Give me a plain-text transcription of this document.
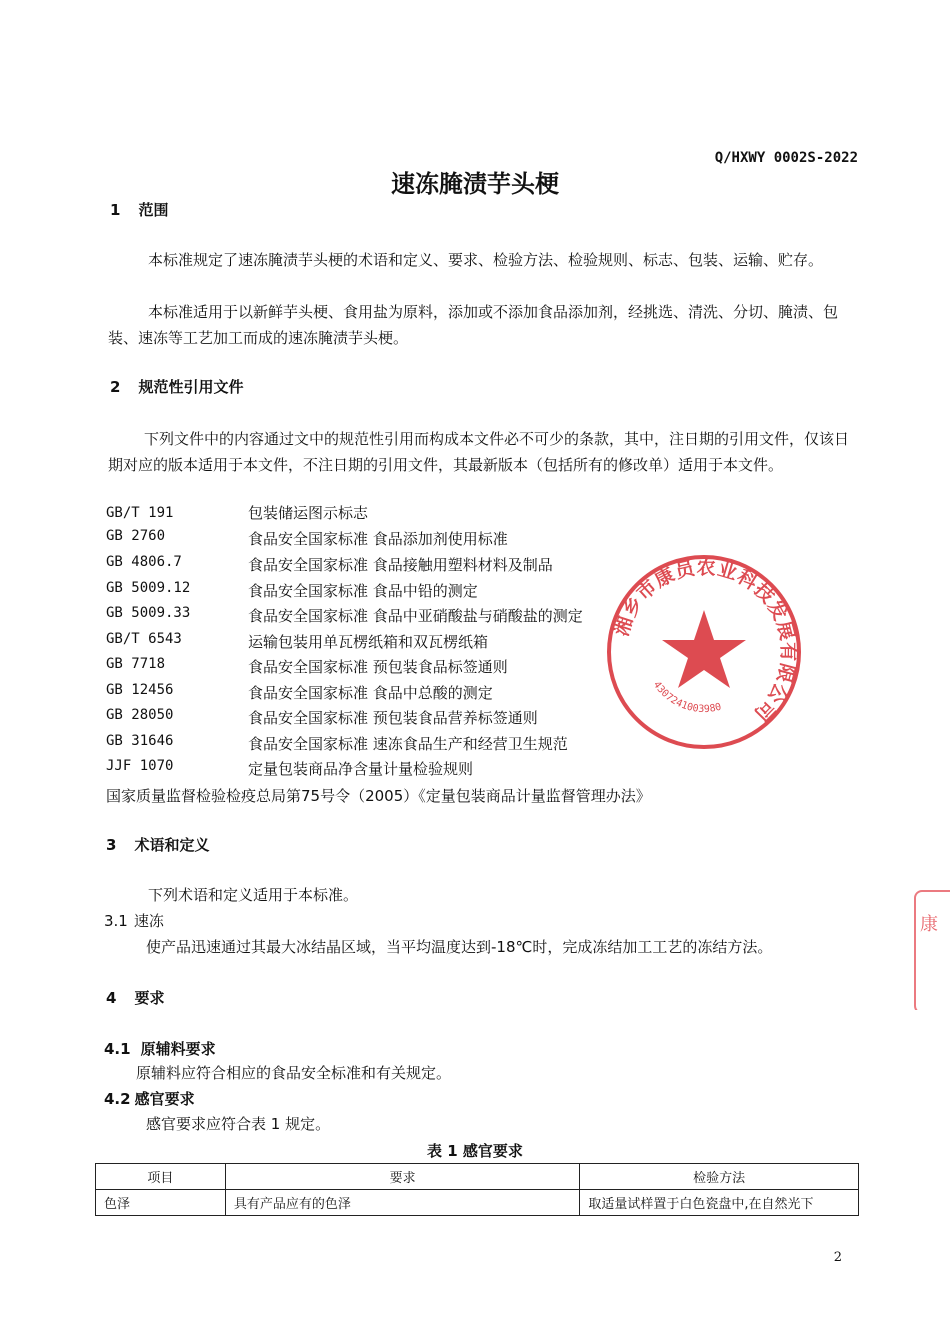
Q/HXWY 0002S-2022
速冻腌渍芋头梗
1 范围
本标准规定了速冻腌渍芋头梗的术语和定义、要求、检验方法、检验规则、标志、包装、运输、贮存。
本标准适用于以新鲜芋头梗、食用盐为原料，添加或不添加食品添加剂，经挑选、清洗、分切、腌渍、包装、速冻等工艺加工而成的速冻腌渍芋头梗。
2 规范性引用文件
下列文件中的内容通过文中的规范性引用而构成本文件必不可少的条款，其中，注日期的引用文件，仅该日期对应的版本适用于本文件，不注日期的引用文件，其最新版本（包括所有的修改单）适用于本文件。
GB/T 191	包装储运图示标志
GB 2760	食品安全国家标准 食品添加剂使用标准
GB 4806.7	食品安全国家标准 食品接触用塑料材料及制品
GB 5009.12	食品安全国家标准 食品中铅的测定
GB 5009.33	食品安全国家标准 食品中亚硝酸盐与硝酸盐的测定
GB/T 6543	运输包装用单瓦楞纸箱和双瓦楞纸箱
GB 7718	食品安全国家标准 预包装食品标签通则
GB 12456	食品安全国家标准 食品中总酸的测定
GB 28050	食品安全国家标准 预包装食品营养标签通则
GB 31646	食品安全国家标准 速冻食品生产和经营卫生规范
JJF 1070	定量包装商品净含量计量检验规则
国家质量监督检验检疫总局第75号令（2005）《定量包装商品计量监督管理办法》
3 术语和定义
下列术语和定义适用于本标准。
3.1 速冻
使产品迅速通过其最大冰结晶区域，当平均温度达到-18℃时，完成冻结加工工艺的冻结方法。
4 要求
4.1 原辅料要求
原辅料应符合相应的食品安全标准和有关规定。
4.2 感官要求
感官要求应符合表 1 规定。
表 1 感官要求
项目	要求	检验方法
色泽	具有产品应有的色泽	取适量试样置于白色瓷盘中,在自然光下
湘乡市康员农业科技发展有限公司
4307241003980
康
2
